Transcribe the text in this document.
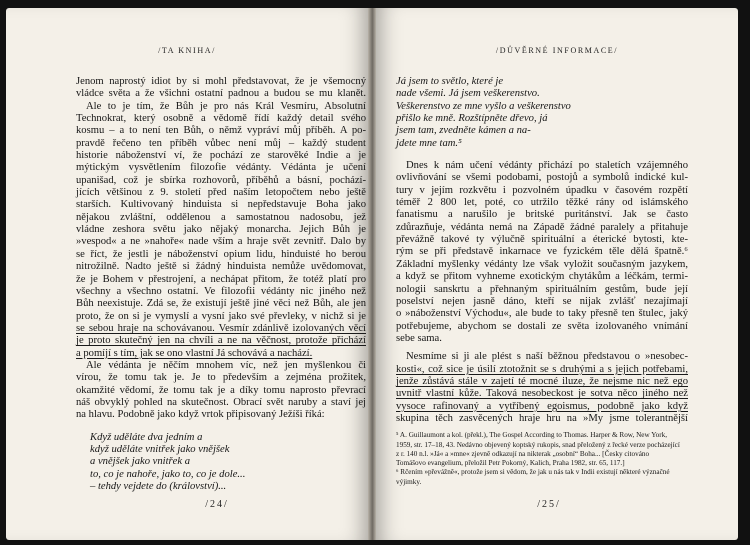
/TA KNIHA/
Jenom naprostý idiot by si mohl představovat, že je všemocný
vládce světa a že všichni ostatní padnou a budou se mu klanět.
Ale to je tím, že Bůh je pro nás Král Vesmíru, Absolutní
Technokrat, který osobně a vědomě řídí každý detail svého
kosmu – a to není ten Bůh, o němž vypráví můj příběh. A po-
pravdě řečeno ten příběh vůbec není můj – každý student
historie náboženství ví, že pochází ze starověké Indie a je
mýtickým vysvětlením filozofie védánty. Védánta je učení
upanišad, což je sbírka rozhovorů, příběhů a básní, pochází-
jících většinou z 9. století před naším letopočtem nebo ještě
starších. Kultivovaný hinduista si nepředstavuje Boha jako
nějakou zvláštní, oddělenou a samostatnou nadosobu, jež
vládne zeshora světu jako nějaký monarcha. Jejich Bůh je
»vespod« a ne »nahoře« nade vším a hraje svět zevnitř. Dalo by
se říct, že jestli je náboženství opium lidu, hinduisté ho berou
nitrožilně. Nadto ještě si žádný hinduista nemůže uvědomovat,
že je Bohem v přestrojení, a nechápat přitom, že totéž platí pro
všechny a všechno ostatní. Ve filozofii védánty nic jiného než
Bůh neexistuje. Zdá se, že existují ještě jiné věci než Bůh, ale jen
proto, že on si je vymyslí a vysní jako své převleky, v nichž si je
se sebou hraje na schovávanou. Vesmír zdánlivě izolovaných věcí
je proto skutečný jen na chvíli a ne na věčnost, protože přichází
a pomíjí s tím, jak se ono vlastní Já schovává a nachází.
Ale védánta je něčím mnohem víc, než jen myšlenkou či
vírou, že tomu tak je. Je to především a zejména prožitek,
okamžité vědomí, že tomu tak je a díky tomu naprosto převrací
náš obvyklý pohled na skutečnost. Obrací svět naruby a staví jej
na hlavu. Podobně jako když vrtok připisovaný Ježíši říká:
Když uděláte dva jedním a
když uděláte vnitřek jako vnějšek
a vnějšek jako vnitřek a
to, co je nahoře, jako to, co je dole...
– tehdy vejdete do (království)...
/24/
/DŮVĚRNÉ INFORMACE/
Já jsem to světlo, které je
nade všemi. Já jsem veškerenstvo.
Veškerenstvo ze mne vyšlo a veškerenstvo
přišlo ke mně. Rozštípněte dřevo, já
jsem tam, zvedněte kámen a na-
jdete mne tam.⁵
Dnes k nám učení védánty přichází po staletích vzájemného
ovlivňování se všemi podobami, postojů a symbolů indické kul-
tury v jejím rozkvětu i pozvolném úpadku v časovém rozpětí
téměř 2 800 let, poté, co utržilo těžké rány od islámského
fanatismu a narušilo je britské puritánství. Jak se často
zdůrazňuje, védánta nemá na Západě žádné paralely a přitahuje
převážně takové ty výlučně spirituální a éterické bytosti, kte-
rým se při představě inkarnace ve fyzickém těle dělá špatně.⁶
Základní myšlenky védánty lze však vyložit současným jazykem,
a když se přitom vyhneme exotickým chytákům a léčkám, termi-
nologii sanskrtu a přehnaným spirituálním gestům, bude její
poselství nejen jasně dáno, kteří se nijak zvlášť nezajímají
o »náboženství Východu«, ale bude to taky přesně ten štulec, jaký
potřebujeme, abychom se dostali ze světa izolovaného vnímání
sebe sama.
Nesmíme si ji ale plést s naší běžnou představou o »nesobec-
kosti«, což sice je úsilí ztotožnit se s druhými a s jejich potřebami,
jenže zůstává stále v zajetí té mocné iluze, že nejsme nic než ego
uvnitř vlastní kůže. Taková nesobeckost je sotva něco jiného než
vysoce rafinovaný a vytříbený egoismus, podobně jako když
skupina těch zasvěcených hraje hru na »My jsme tolerantnější
⁵ A. Guillaumont a kol. (překl.), The Gospel According to Thomas. Harper & Row, New York,
1959, str. 17–18, 43. Nedávno objevený koptský rukopis, snad přeložený z řecké verze pocházející
z r. 140 n.l. »Já« a »mne« zjevně odkazují na nikterak „osobní“ Boha... [Česky citováno
Tomášovo evangelium, přeložil Petr Pokorný, Kalich, Praha 1982, str. 65, 117.]
⁶ Rčením »převážně«, protože jsem si vědom, že jak u nás tak v Indii existují některé význačné
výjimky.
/25/
